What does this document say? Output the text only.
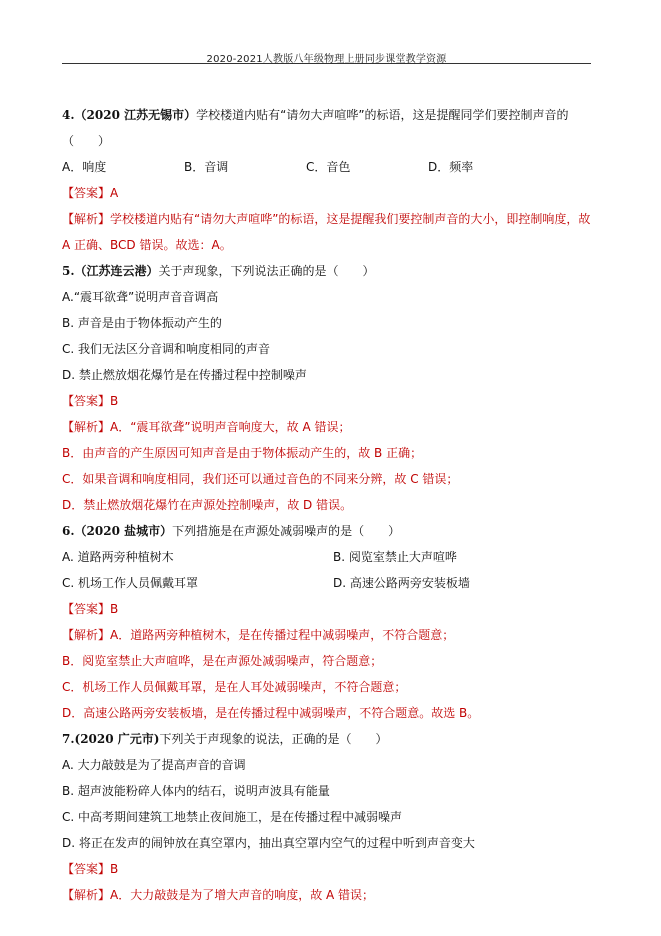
2020-2021人教版八年级物理上册同步课堂教学资源
4.（2020 江苏无锡市）学校楼道内贴有“请勿大声喧哗”的标语，这是提醒同学们要控制声音的（　　）
A．响度	B．音调	C．音色	D．频率
【答案】A
【解析】学校楼道内贴有“请勿大声喧哗”的标语，这是提醒我们要控制声音的大小，即控制响度，故
A 正确、BCD 错误。故选：A。
5.（江苏连云港）关于声现象，下列说法正确的是（　　）
A.“震耳欲聋”说明声音音调高
B. 声音是由于物体振动产生的
C. 我们无法区分音调和响度相同的声音
D. 禁止燃放烟花爆竹是在传播过程中控制噪声
【答案】B
【解析】A．“震耳欲聋”说明声音响度大，故 A 错误；
B．由声音的产生原因可知声音是由于物体振动产生的，故 B 正确；
C．如果音调和响度相同，我们还可以通过音色的不同来分辨，故 C 错误；
D．禁止燃放烟花爆竹在声源处控制噪声，故 D 错误。
6.（2020 盐城市）下列措施是在声源处减弱噪声的是（　　）
A. 道路两旁种植树木	B. 阅览室禁止大声喧哗
C. 机场工作人员佩戴耳罩	D. 高速公路两旁安装板墙
【答案】B
【解析】A．道路两旁种植树木，是在传播过程中减弱噪声，不符合题意；
B．阅览室禁止大声喧哗，是在声源处减弱噪声，符合题意；
C．机场工作人员佩戴耳罩，是在人耳处减弱噪声，不符合题意；
D．高速公路两旁安装板墙，是在传播过程中减弱噪声，不符合题意。故选 B。
7.(2020 广元市)下列关于声现象的说法，正确的是（　　）
A. 大力敲鼓是为了提高声音的音调
B. 超声波能粉碎人体内的结石，说明声波具有能量
C. 中高考期间建筑工地禁止夜间施工，是在传播过程中减弱噪声
D. 将正在发声的闹钟放在真空罩内，抽出真空罩内空气的过程中听到声音变大
【答案】B
【解析】A．大力敲鼓是为了增大声音的响度，故 A 错误；
